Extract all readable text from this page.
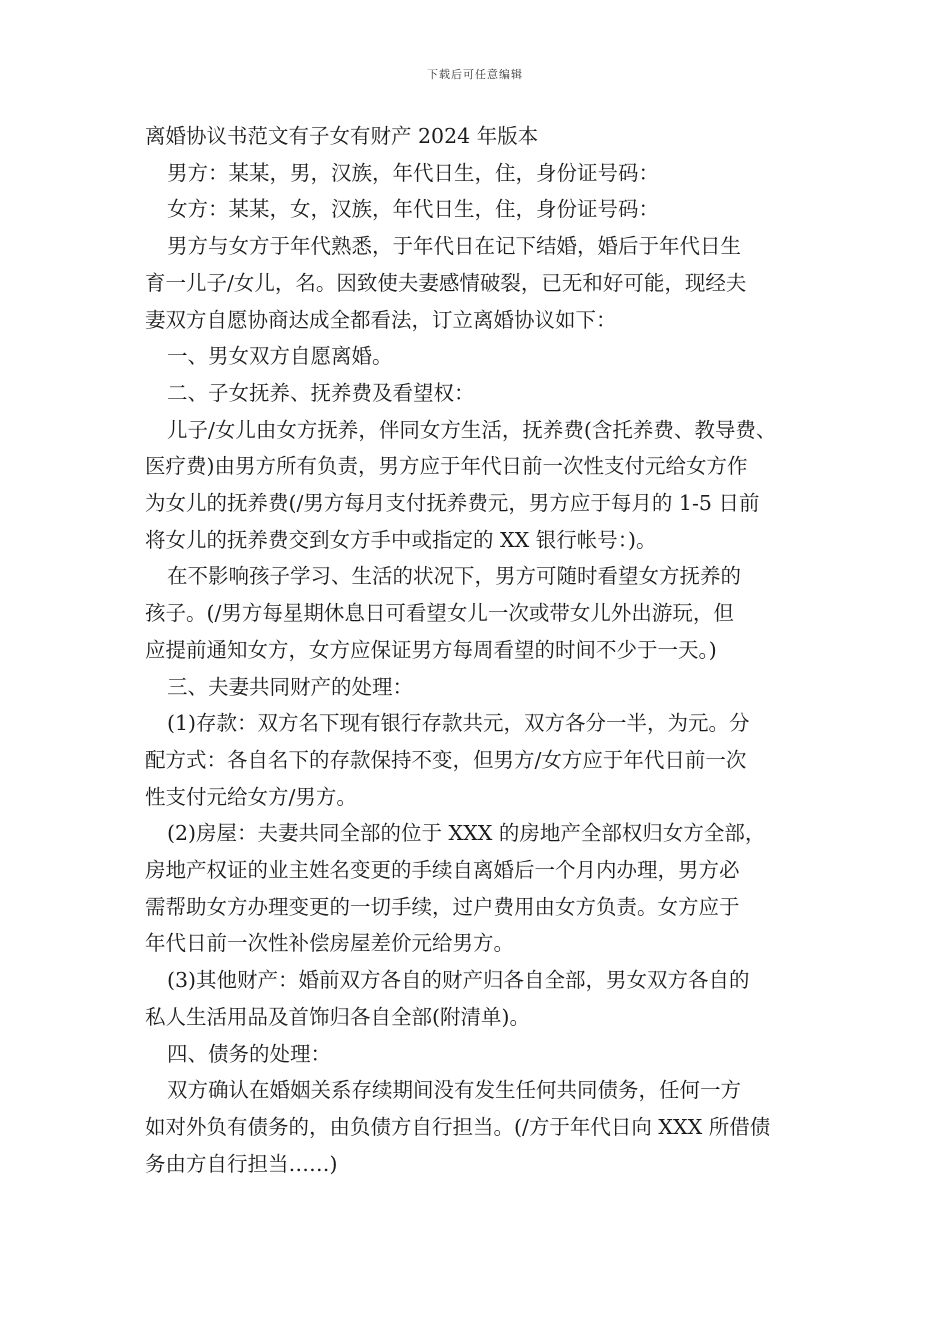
下载后可任意编辑

离婚协议书范文有子女有财产 2024 年版本

男方：某某，男，汉族，年代日生，住，身份证号码：

女方：某某，女，汉族，年代日生，住，身份证号码：

男方与女方于年代熟悉，于年代日在记下结婚，婚后于年代日生

育一儿子/女儿，名。因致使夫妻感情破裂，已无和好可能，现经夫

妻双方自愿协商达成全都看法，订立离婚协议如下：

一、男女双方自愿离婚。

二、子女抚养、抚养费及看望权：

儿子/女儿由女方抚养，伴同女方生活，抚养费(含托养费、教导费、

医疗费)由男方所有负责，男方应于年代日前一次性支付元给女方作

为女儿的抚养费(/男方每月支付抚养费元，男方应于每月的 1-5 日前

将女儿的抚养费交到女方手中或指定的 XX 银行帐号：)。

在不影响孩子学习、生活的状况下，男方可随时看望女方抚养的

孩子。(/男方每星期休息日可看望女儿一次或带女儿外出游玩，但

应提前通知女方，女方应保证男方每周看望的时间不少于一天。)

三、夫妻共同财产的处理：

(1)存款：双方名下现有银行存款共元，双方各分一半，为元。分

配方式：各自名下的存款保持不变，但男方/女方应于年代日前一次

性支付元给女方/男方。

(2)房屋：夫妻共同全部的位于 XXX 的房地产全部权归女方全部，

房地产权证的业主姓名变更的手续自离婚后一个月内办理，男方必

需帮助女方办理变更的一切手续，过户费用由女方负责。女方应于

年代日前一次性补偿房屋差价元给男方。

(3)其他财产：婚前双方各自的财产归各自全部，男女双方各自的

私人生活用品及首饰归各自全部(附清单)。

四、债务的处理：

双方确认在婚姻关系存续期间没有发生任何共同债务，任何一方

如对外负有债务的，由负债方自行担当。(/方于年代日向 XXX 所借债

务由方自行担当……)
